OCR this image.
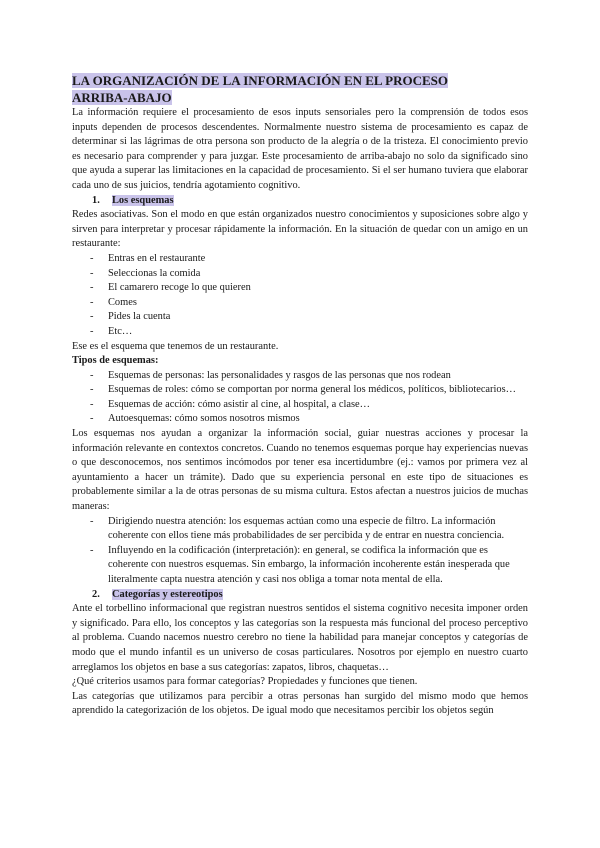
LA ORGANIZACIÓN DE LA INFORMACIÓN EN EL PROCESO
ARRIBA-ABAJO

La información requiere el procesamiento de esos inputs sensoriales pero la comprensión de todos esos inputs dependen de procesos descendentes. Normalmente nuestro sistema de procesamiento es capaz de determinar si las lágrimas de otra persona son producto de la alegría o de la tristeza. El conocimiento previo es necesario para comprender y para juzgar. Este procesamiento de arriba-abajo no solo da significado sino que ayuda a superar las limitaciones en la capacidad de procesamiento. Si el ser humano tuviera que elaborar cada uno de sus juicios, tendría agotamiento cognitivo.

1. Los esquemas

Redes asociativas. Son el modo en que están organizados nuestro conocimientos y suposiciones sobre algo y sirven para interpretar y procesar rápidamente la información. En la situación de quedar con un amigo en un restaurante:

- Entras en el restaurante
- Seleccionas la comida
- El camarero recoge lo que quieren
- Comes
- Pides la cuenta
- Etc…

Ese es el esquema que tenemos de un restaurante.

Tipos de esquemas:
- Esquemas de personas: las personalidades y rasgos de las personas que nos rodean
- Esquemas de roles: cómo se comportan por norma general los médicos, políticos, bibliotecarios…
- Esquemas de acción: cómo asistir al cine, al hospital, a clase…
- Autoesquemas: cómo somos nosotros mismos

Los esquemas nos ayudan a organizar la información social, guiar nuestras acciones y procesar la información relevante en contextos concretos. Cuando no tenemos esquemas porque hay experiencias nuevas o que desconocemos, nos sentimos incómodos por tener esa incertidumbre (ej.: vamos por primera vez al ayuntamiento a hacer un trámite). Dado que su experiencia personal en este tipo de situaciones es probablemente similar a la de otras personas de su misma cultura. Estos afectan a nuestros juicios de muchas maneras:

- Dirigiendo nuestra atención: los esquemas actúan como una especie de filtro. La información coherente con ellos tiene más probabilidades de ser percibida y de entrar en nuestra conciencia.
- Influyendo en la codificación (interpretación): en general, se codifica la información que es coherente con nuestros esquemas. Sin embargo, la información incoherente están inesperada que literalmente capta nuestra atención y casi nos obliga a tomar nota mental de ella.
2. Categorías y estereotipos

Ante el torbellino informacional que registran nuestros sentidos el sistema cognitivo necesita imponer orden y significado. Para ello, los conceptos y las categorías son la respuesta más funcional del proceso perceptivo al problema. Cuando nacemos nuestro cerebro no tiene la habilidad para manejar conceptos y categorías de modo que el mundo infantil es un universo de cosas particulares. Nosotros por ejemplo en nuestro cuarto arreglamos los objetos en base a sus categorías: zapatos, libros, chaquetas…

¿Qué criterios usamos para formar categorías? Propiedades y funciones que tienen.

Las categorías que utilizamos para percibir a otras personas han surgido del mismo modo que hemos aprendido la categorización de los objetos. De igual modo que necesitamos percibir los objetos según
